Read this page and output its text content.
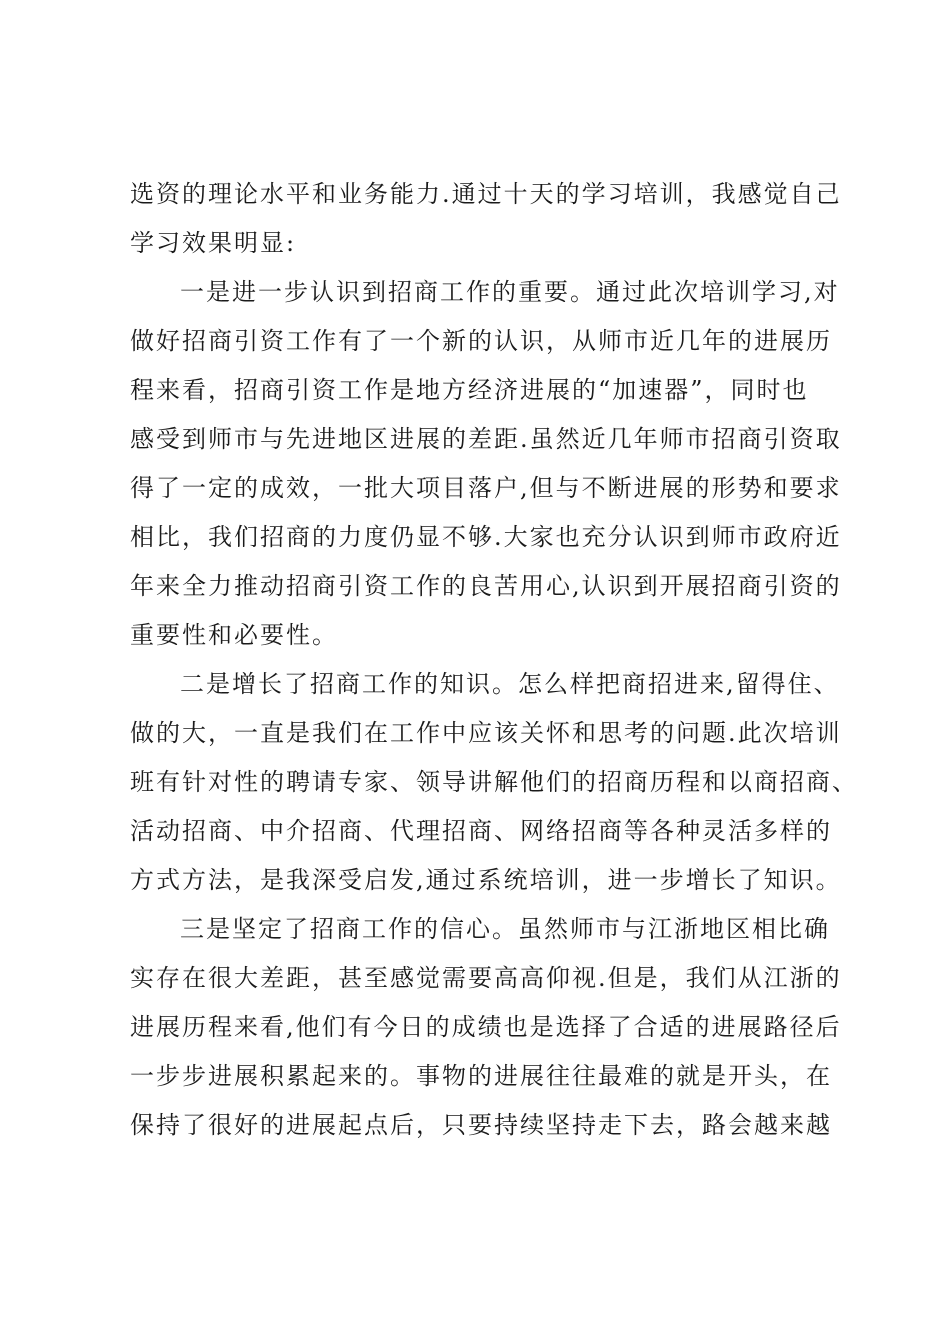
选资的理论水平和业务能力.通过十天的学习培训，我感觉自己
学习效果明显:
一是进一步认识到招商工作的重要。通过此次培训学习,对
做好招商引资工作有了一个新的认识，从师市近几年的进展历
程来看，招商引资工作是地方经济进展的“加速器”，同时也
感受到师市与先进地区进展的差距.虽然近几年师市招商引资取
得了一定的成效，一批大项目落户,但与不断进展的形势和要求
相比，我们招商的力度仍显不够.大家也充分认识到师市政府近
年来全力推动招商引资工作的良苦用心,认识到开展招商引资的
重要性和必要性。
二是增长了招商工作的知识。怎么样把商招进来,留得住、
做的大，一直是我们在工作中应该关怀和思考的问题.此次培训
班有针对性的聘请专家、领导讲解他们的招商历程和以商招商、
活动招商、中介招商、代理招商、网络招商等各种灵活多样的
方式方法，是我深受启发,通过系统培训，进一步增长了知识。
三是坚定了招商工作的信心。虽然师市与江浙地区相比确
实存在很大差距，甚至感觉需要高高仰视.但是，我们从江浙的
进展历程来看,他们有今日的成绩也是选择了合适的进展路径后
一步步进展积累起来的。事物的进展往往最难的就是开头，在
保持了很好的进展起点后，只要持续坚持走下去，路会越来越
